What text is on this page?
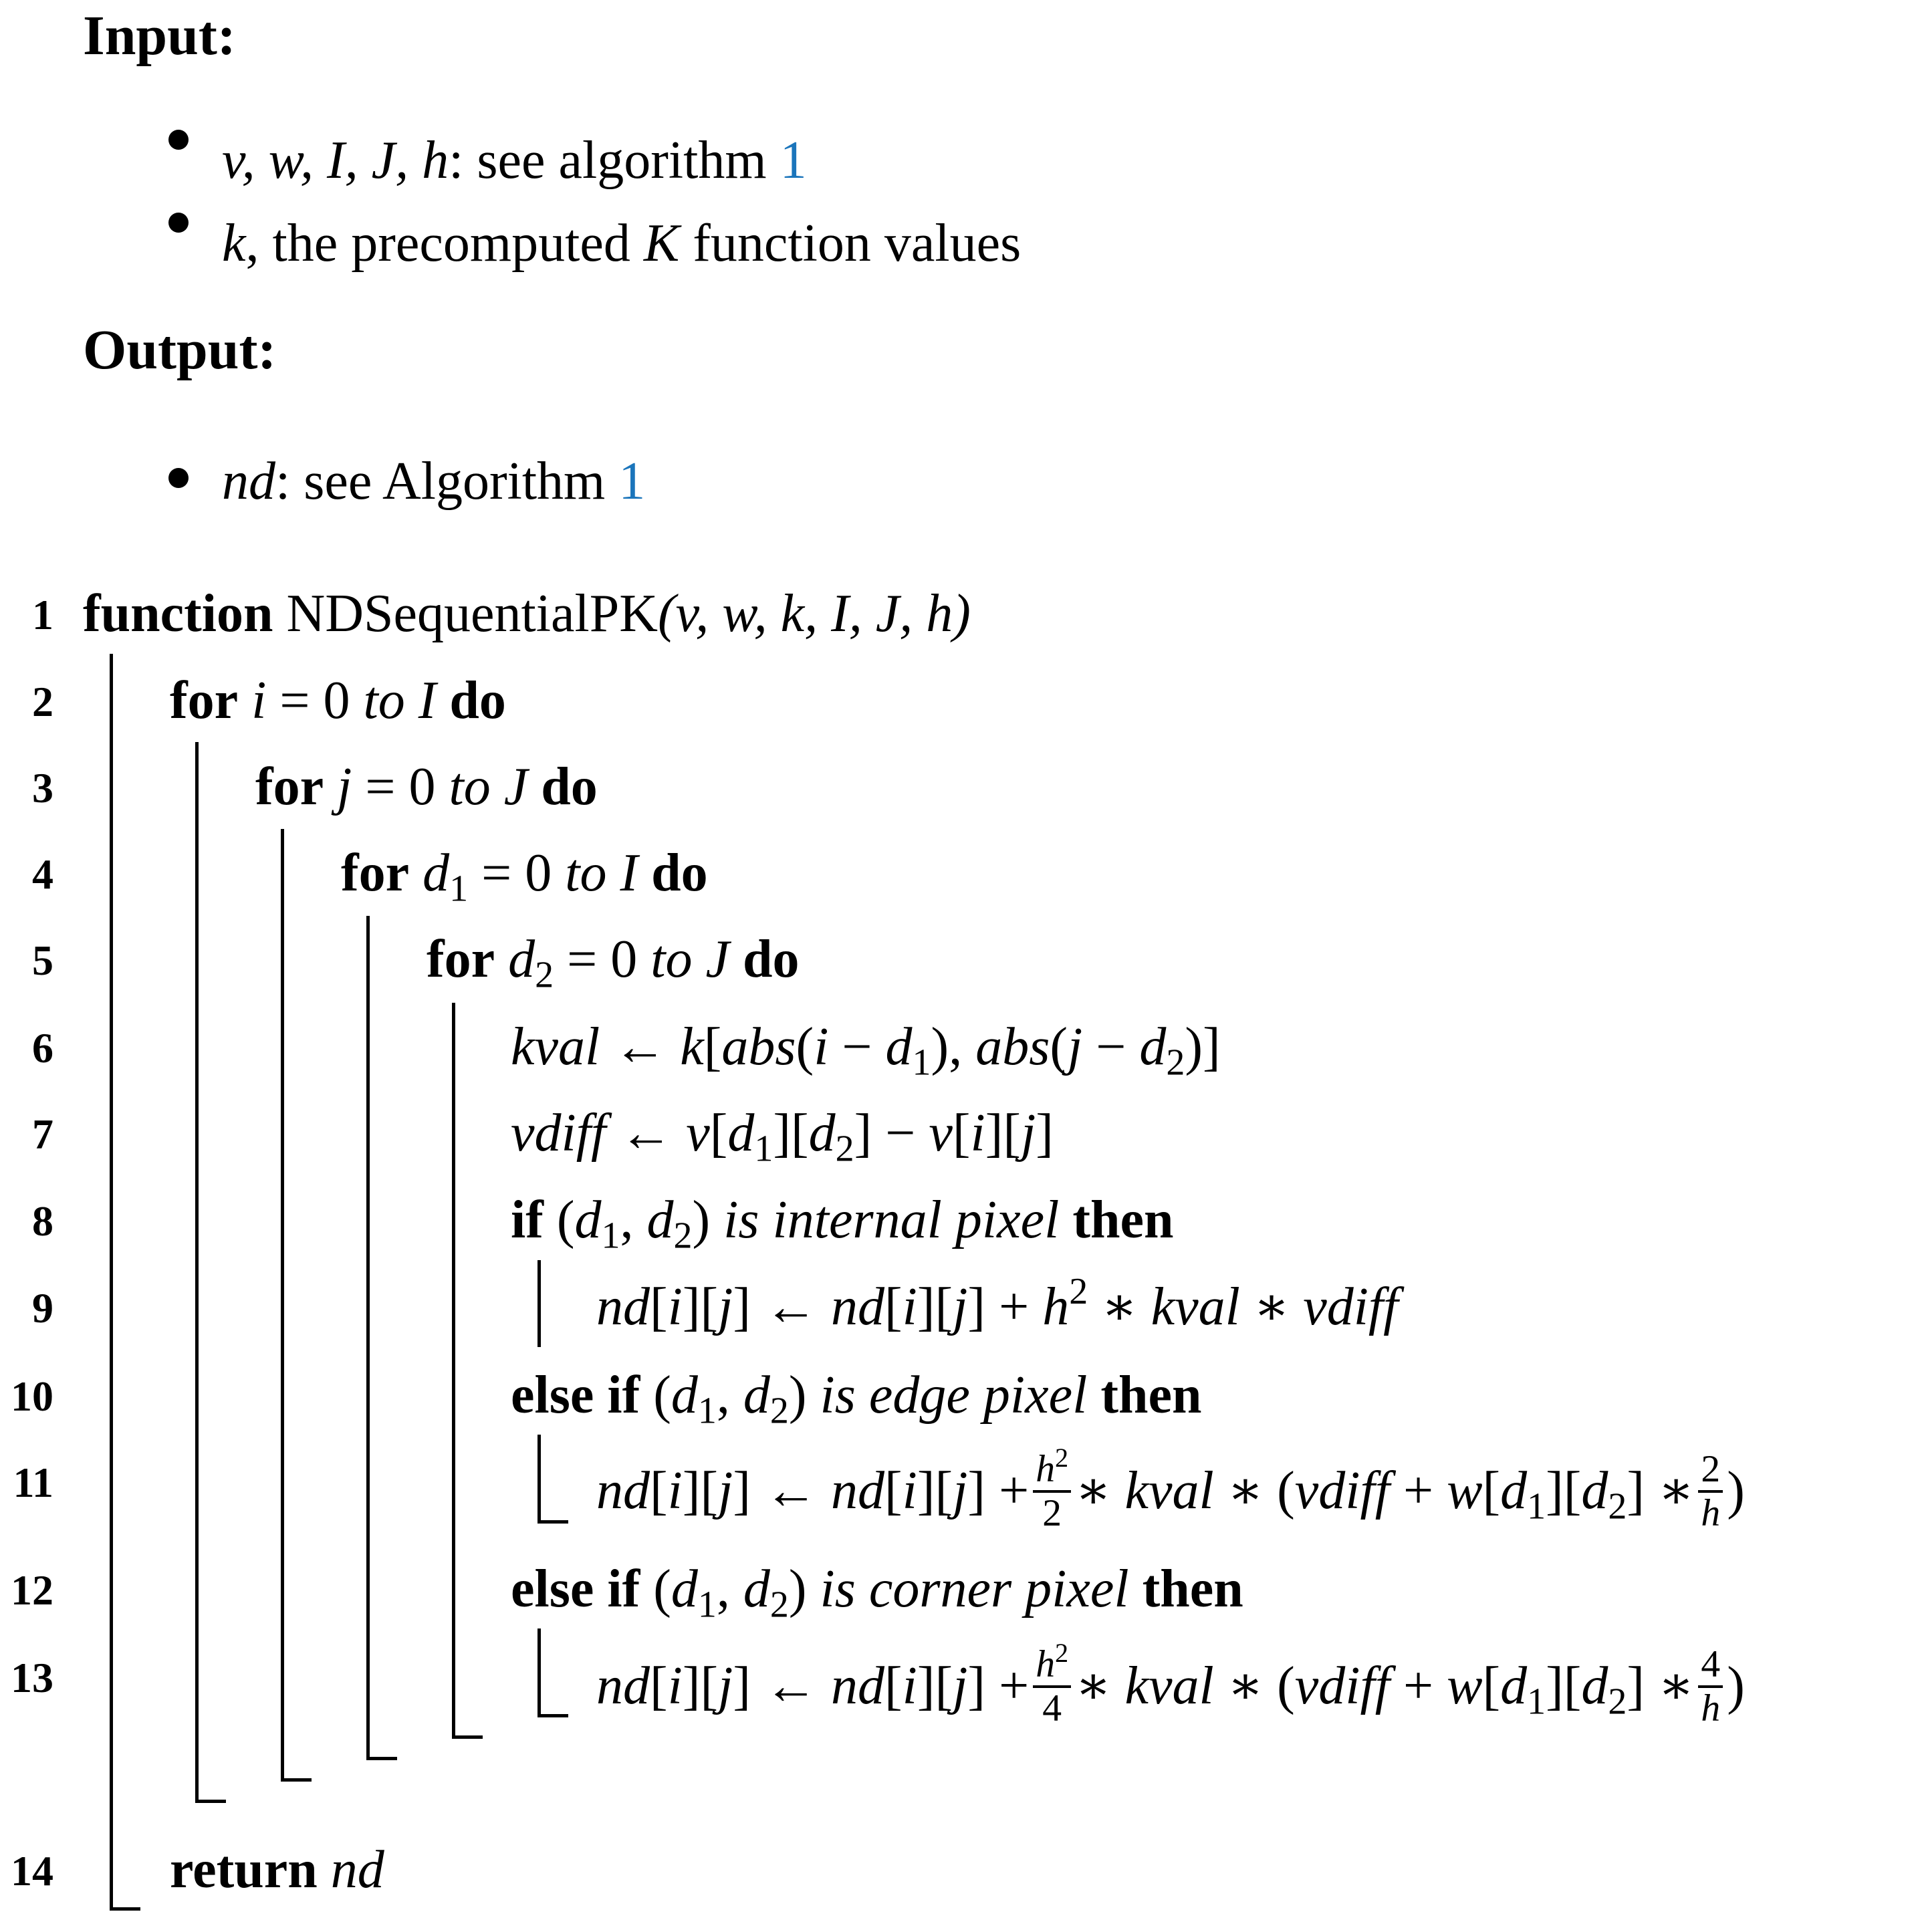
Input:
v, w, I, J, h: see algorithm 1
k, the precomputed K function values
Output:
nd: see Algorithm 1
1
2
3
4
5
6
7
8
9
10
11
12
13
14
function NDSequentialPK(v, w, k, I, J, h)
for i = 0 to I do
for j = 0 to J do
for $d_1 = 0$ to I do
for $d_2 = 0$ to J do
kval ← $k[abs(i - d_1)$, $abs(j - d_2)$]
vdiff ← $v[d_1][d_2] - v[i][j]$
if ($d_1$, $d_2$) is internal pixel then
nd[i][j] ← $nd[i][j] + h^2$ ∗ kval ∗ vdiff
else if ($d_1$, $d_2$) is edge pixel then
nd[i][j] ← $nd[i][j] + \frac{h^2}{2}$ ∗ kval ∗ (vdiff + $w[d_1][d_2]$ ∗ $\frac{2}{h}$ )
else if ($d_1$, $d_2$) is corner pixel then
nd[i][j] ← $nd[i][j] + \frac{h^2}{4}$ ∗ kval ∗ (vdiff + $w[d_1][d_2]$ ∗ $\frac{4}{h}$ )
return nd
